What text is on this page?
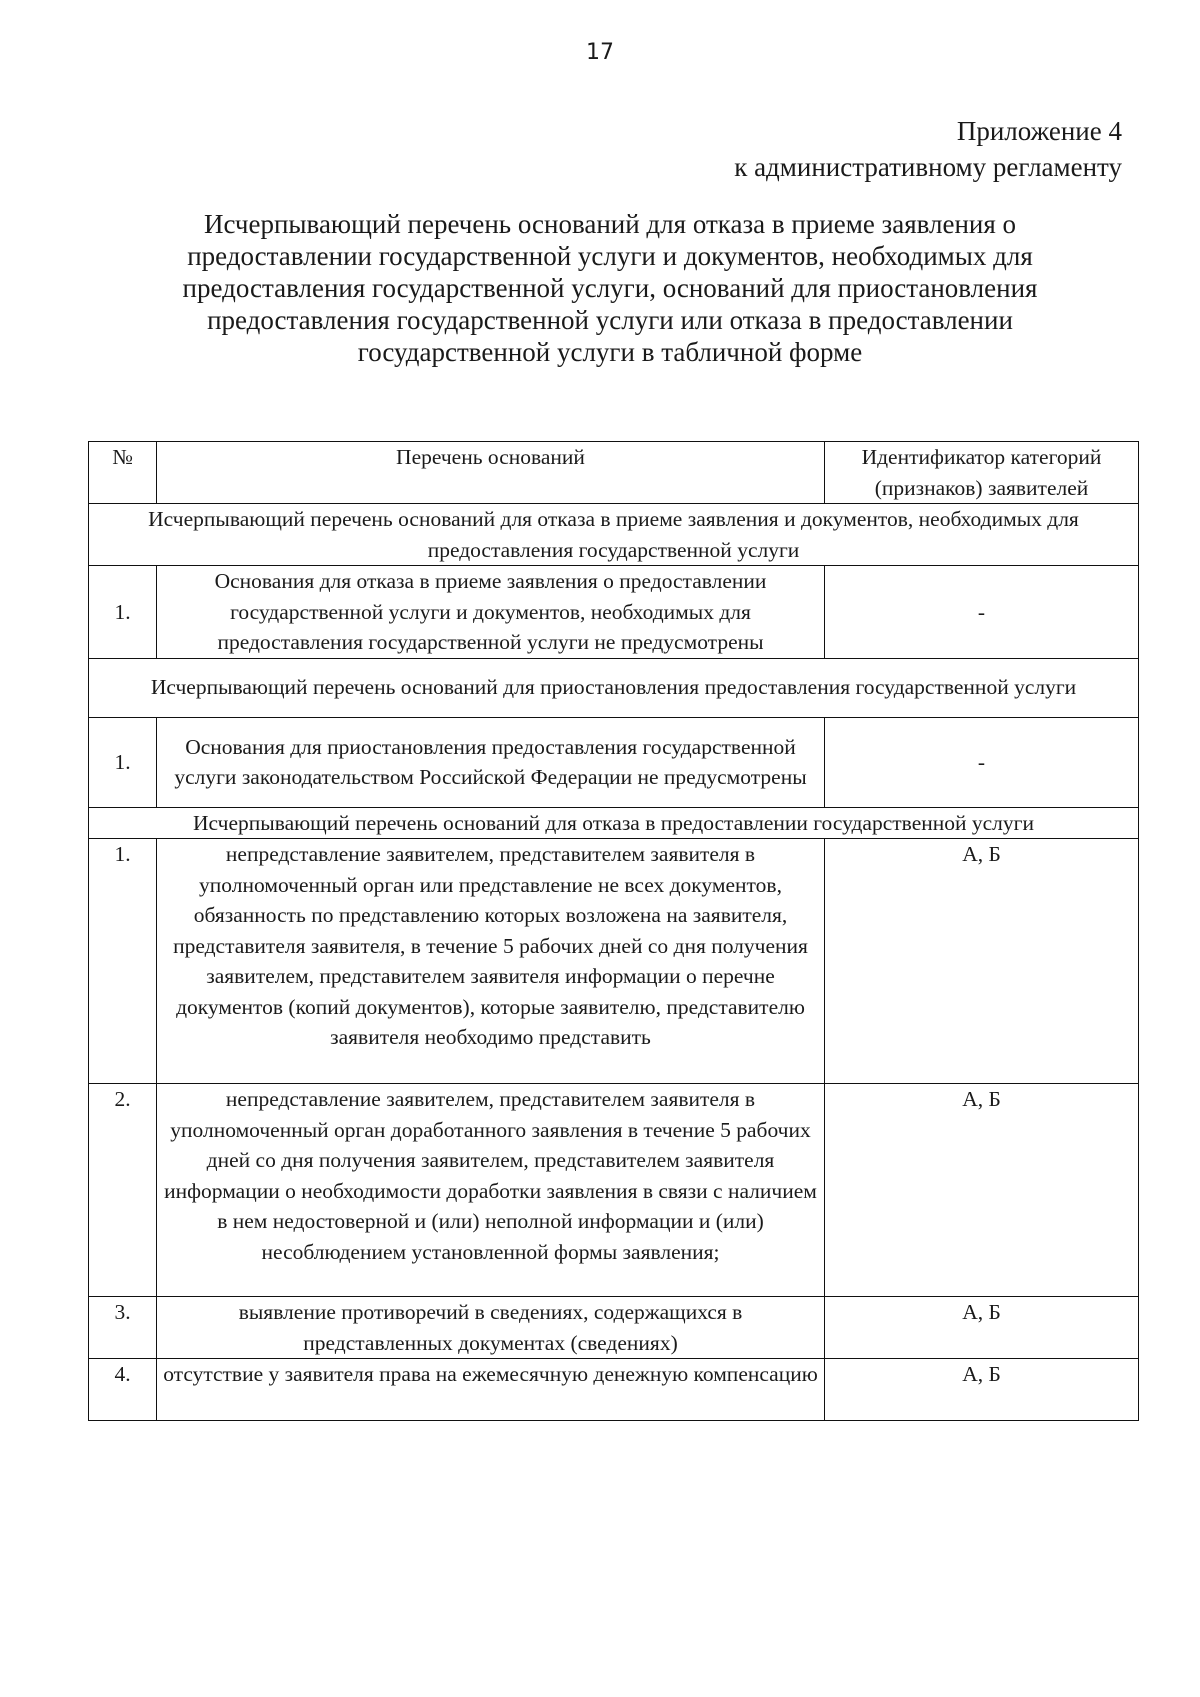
17
Приложение 4
к административному регламенту
Исчерпывающий перечень оснований для отказа в приеме заявления о
предоставлении государственной услуги и документов, необходимых для
предоставления государственной услуги, оснований для приостановления
предоставления государственной услуги или отказа в предоставлении
государственной услуги в табличной форме
№	Перечень оснований	Идентификатор категорий (признаков) заявителей
Исчерпывающий перечень оснований для отказа в приеме заявления и документов, необходимых для предоставления государственной услуги		
1.	Основания для отказа в приеме заявления о предоставлении государственной услуги и документов, необходимых для предоставления государственной услуги не предусмотрены	-
Исчерпывающий перечень оснований для приостановления предоставления государственной услуги		
1.	Основания для приостановления предоставления государственной услуги законодательством Российской Федерации не предусмотрены	-
Исчерпывающий перечень оснований для отказа в предоставлении государственной услуги		
1.	непредставление заявителем, представителем заявителя в уполномоченный орган или представление не всех документов, обязанность по представлению которых возложена на заявителя, представителя заявителя, в течение 5 рабочих дней со дня получения заявителем, представителем заявителя информации о перечне документов (копий документов), которые заявителю, представителю заявителя необходимо представить	А, Б
2.	непредставление заявителем, представителем заявителя в уполномоченный орган доработанного заявления в течение 5 рабочих дней со дня получения заявителем, представителем заявителя информации о необходимости доработки заявления в связи с наличием в нем недостоверной и (или) неполной информации и (или) несоблюдением установленной формы заявления;	А, Б
3.	выявление противоречий в сведениях, содержащихся в представленных документах (сведениях)	А, Б
4.	отсутствие у заявителя права на ежемесячную денежную компенсацию	А, Б
